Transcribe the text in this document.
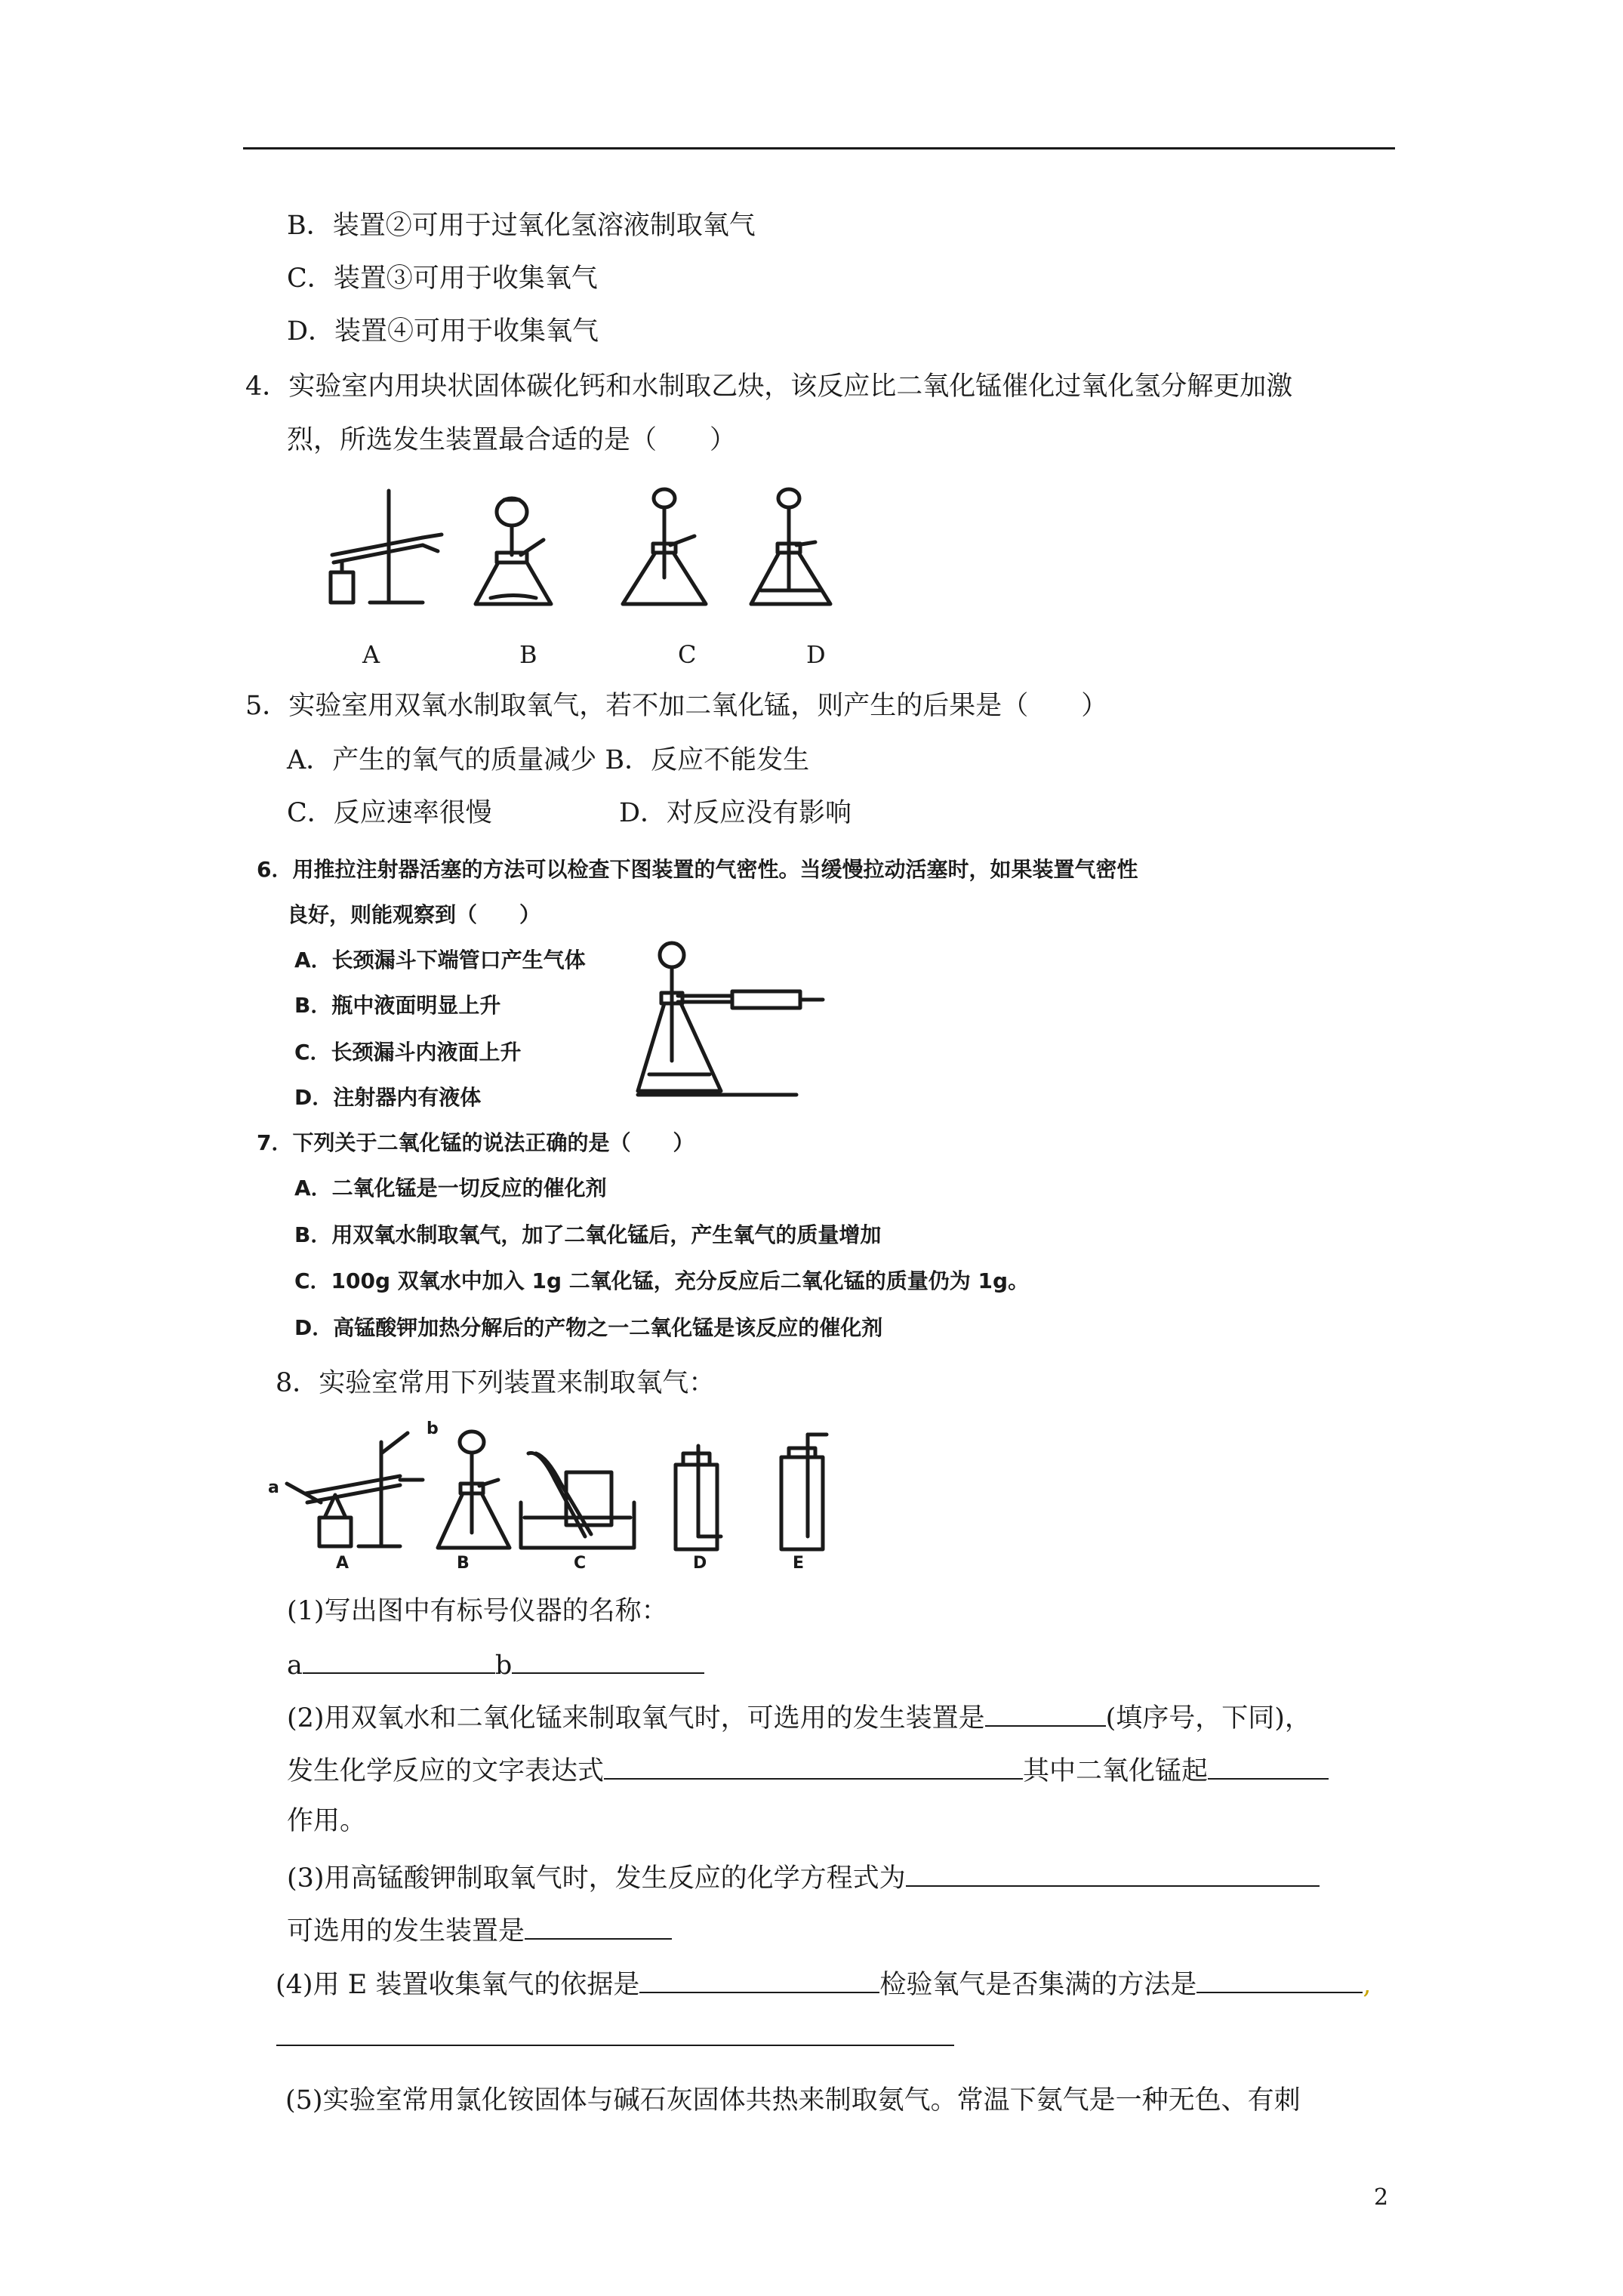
B．装置②可用于过氧化氢溶液制取氧气
C．装置③可用于收集氧气
D．装置④可用于收集氧气
4．实验室内用块状固体碳化钙和水制取乙炔，该反应比二氧化锰催化过氧化氢分解更加激
烈，所选发生装置最合适的是（　　）
A	B	C	D
5．实验室用双氧水制取氧气，若不加二氧化锰，则产生的后果是（　　）
A．产生的氧气的质量减少 B．反应不能发生
C．反应速率很慢	D．对反应没有影响
6．用推拉注射器活塞的方法可以检查下图装置的气密性。当缓慢拉动活塞时，如果装置气密性
良好，则能观察到（　　）
A．长颈漏斗下端管口产生气体
B．瓶中液面明显上升
C．长颈漏斗内液面上升
D．注射器内有液体
7．下列关于二氧化锰的说法正确的是（　　）
A．二氧化锰是一切反应的催化剂
B．用双氧水制取氧气，加了二氧化锰后，产生氧气的质量增加
C．100g 双氧水中加入 1g 二氧化锰，充分反应后二氧化锰的质量仍为 1g。
D．高锰酸钾加热分解后的产物之一二氧化锰是该反应的催化剂
8．实验室常用下列装置来制取氧气：
b
a
A	B	C	D	E
(1)写出图中有标号仪器的名称：
a	b
(2)用双氧水和二氧化锰来制取氧气时，可选用的发生装置是	(填序号，下同)，
发生化学反应的文字表达式	其中二氧化锰起
作用。
(3)用高锰酸钾制取氧气时，发生反应的化学方程式为
可选用的发生装置是
(4)用 E 装置收集氧气的依据是	检验氧气是否集满的方法是	,
(5)实验室常用氯化铵固体与碱石灰固体共热来制取氨气。常温下氨气是一种无色、有刺
2
